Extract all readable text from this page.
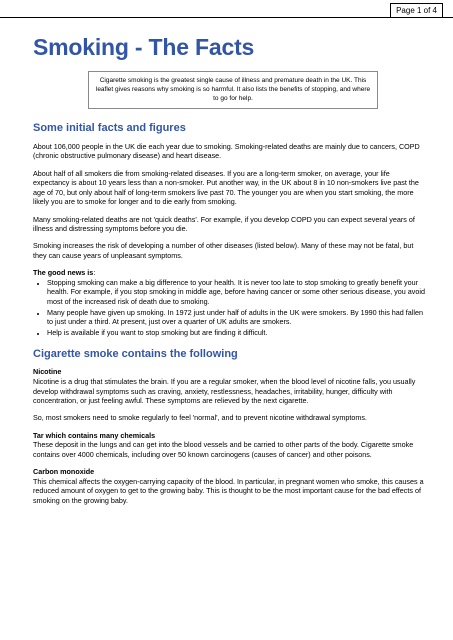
Page 1 of 4
Smoking - The Facts
Cigarette smoking is the greatest single cause of illness and premature death in the UK. This leaflet gives reasons why smoking is so harmful. It also lists the benefits of stopping, and where to go for help.
Some initial facts and figures

About 106,000 people in the UK die each year due to smoking. Smoking-related deaths are mainly due to cancers, COPD (chronic obstructive pulmonary disease) and heart disease.

About half of all smokers die from smoking-related diseases. If you are a long-term smoker, on average, your life expectancy is about 10 years less than a non-smoker. Put another way, in the UK about 8 in 10 non-smokers live past the age of 70, but only about half of long-term smokers live past 70. The younger you are when you start smoking, the more likely you are to smoke for longer and to die early from smoking.

Many smoking-related deaths are not 'quick deaths'. For example, if you develop COPD you can expect several years of illness and distressing symptoms before you die.

Smoking increases the risk of developing a number of other diseases (listed below). Many of these may not be fatal, but they can cause years of unpleasant symptoms.

The good news is:

• Stopping smoking can make a big difference to your health. It is never too late to stop smoking to greatly benefit your health. For example, if you stop smoking in middle age, before having cancer or some other serious disease, you avoid most of the increased risk of death due to smoking.
• Many people have given up smoking. In 1972 just under half of adults in the UK were smokers. By 1990 this had fallen to just under a third. At present, just over a quarter of UK adults are smokers.
• Help is available if you want to stop smoking but are finding it difficult.
Cigarette smoke contains the following

Nicotine

Nicotine is a drug that stimulates the brain. If you are a regular smoker, when the blood level of nicotine falls, you usually develop withdrawal symptoms such as craving, anxiety, restlessness, headaches, irritability, hunger, difficulty with concentration, or just feeling awful. These symptoms are relieved by the next cigarette.

So, most smokers need to smoke regularly to feel 'normal', and to prevent nicotine withdrawal symptoms.

Tar which contains many chemicals

These deposit in the lungs and can get into the blood vessels and be carried to other parts of the body. Cigarette smoke contains over 4000 chemicals, including over 50 known carcinogens (causes of cancer) and other poisons.

Carbon monoxide

This chemical affects the oxygen-carrying capacity of the blood. In particular, in pregnant women who smoke, this causes a reduced amount of oxygen to get to the growing baby. This is thought to be the most important cause for the bad effects of smoking on the growing baby.
